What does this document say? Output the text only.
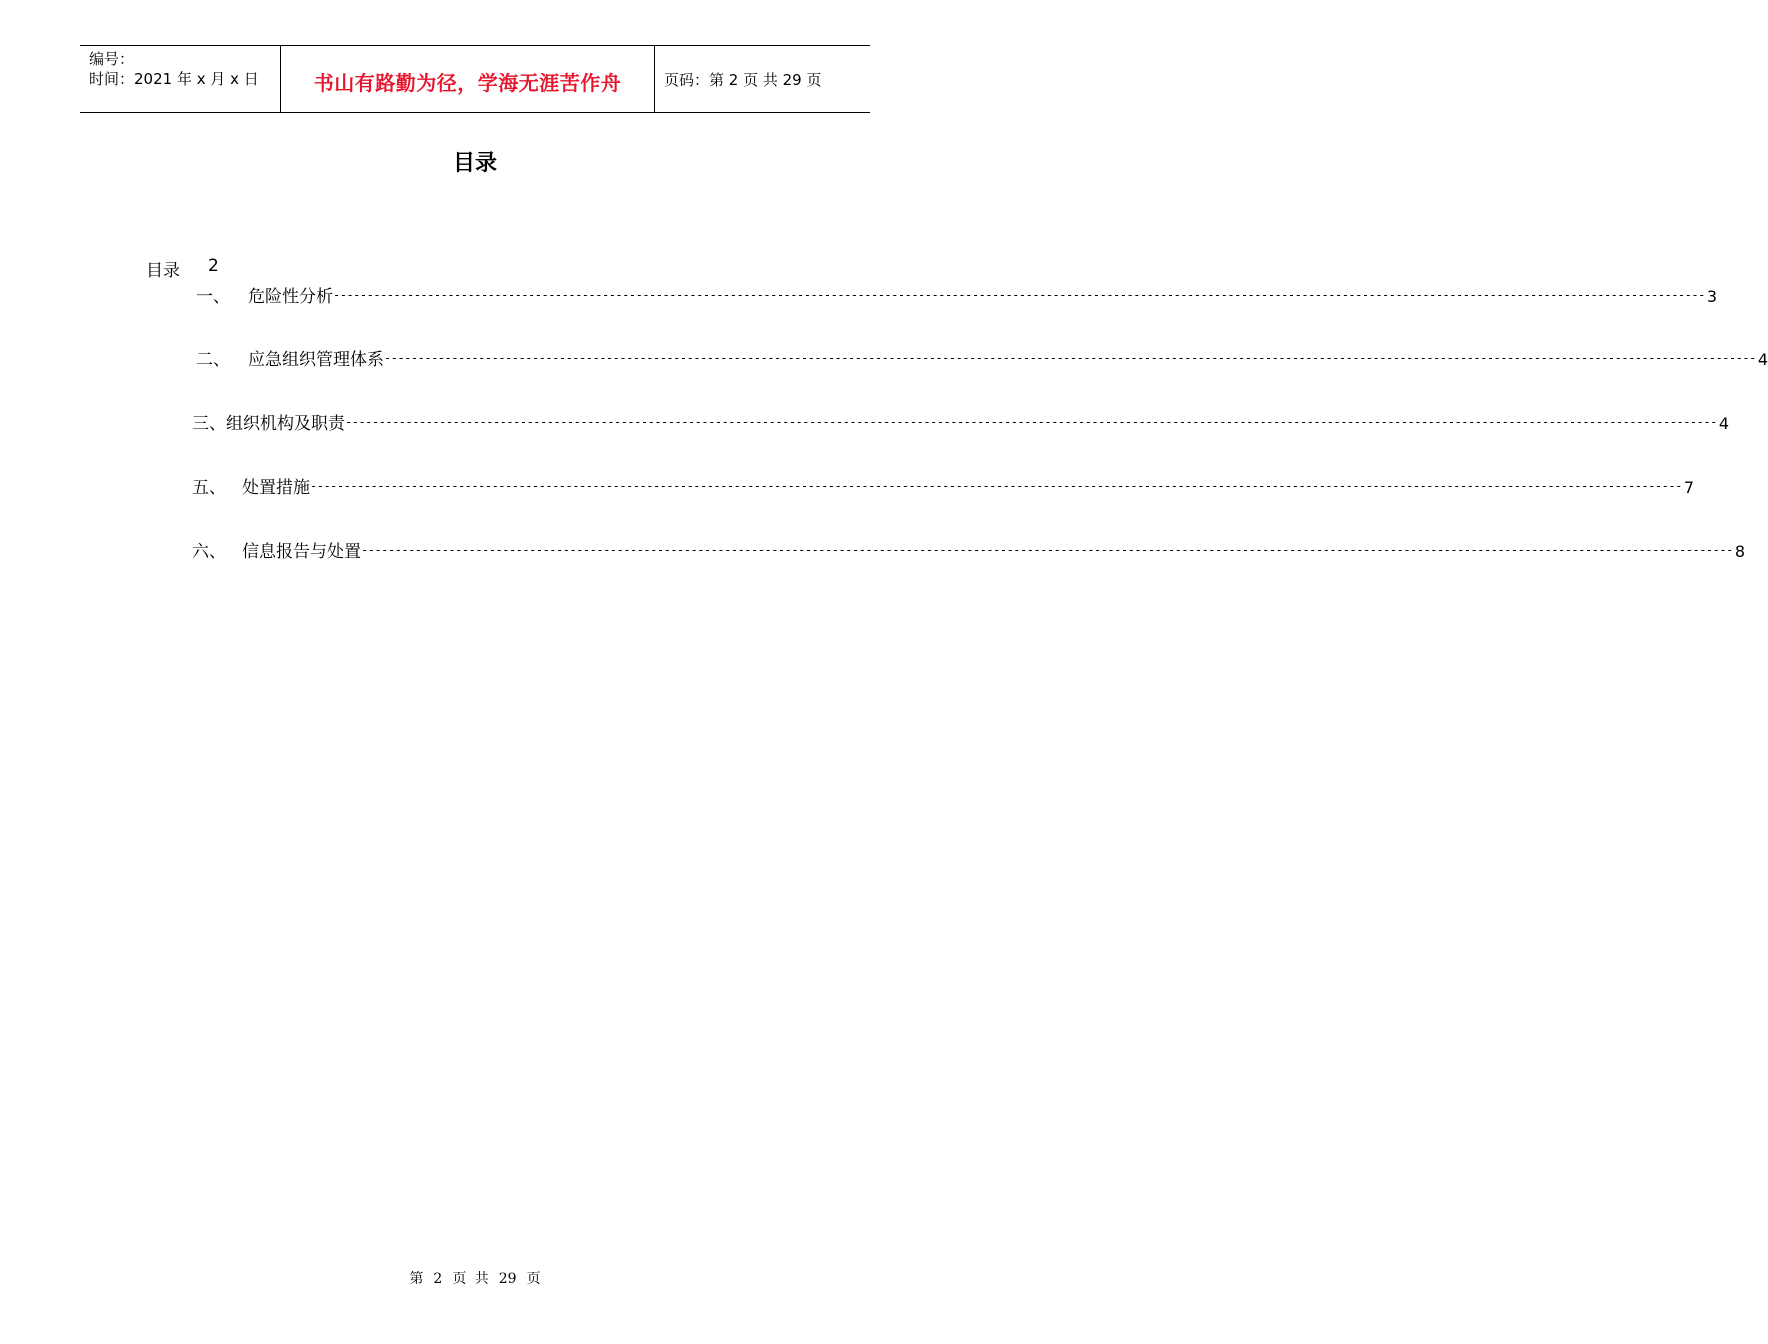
编号：
时间：2021 年 x 月 x 日	书山有路勤为径，学海无涯苦作舟	页码：第 2 页 共 29 页
目录
目录 2
一、 危险性分析 ------------------------------------------------------------------------------------------------------------------------------------------------------------------------------------------------------------ 3
二、 应急组织管理体系 ------------------------------------------------------------------------------------------------------------------------------------------------------------------------------------------------------------ 4
三、 组织机构及职责 ------------------------------------------------------------------------------------------------------------------------------------------------------------------------------------------------------------ 4
五、 处置措施 ------------------------------------------------------------------------------------------------------------------------------------------------------------------------------------------------------------ 7
六、 信息报告与处置 ------------------------------------------------------------------------------------------------------------------------------------------------------------------------------------------------------------ 8
第 2 页 共 29 页
